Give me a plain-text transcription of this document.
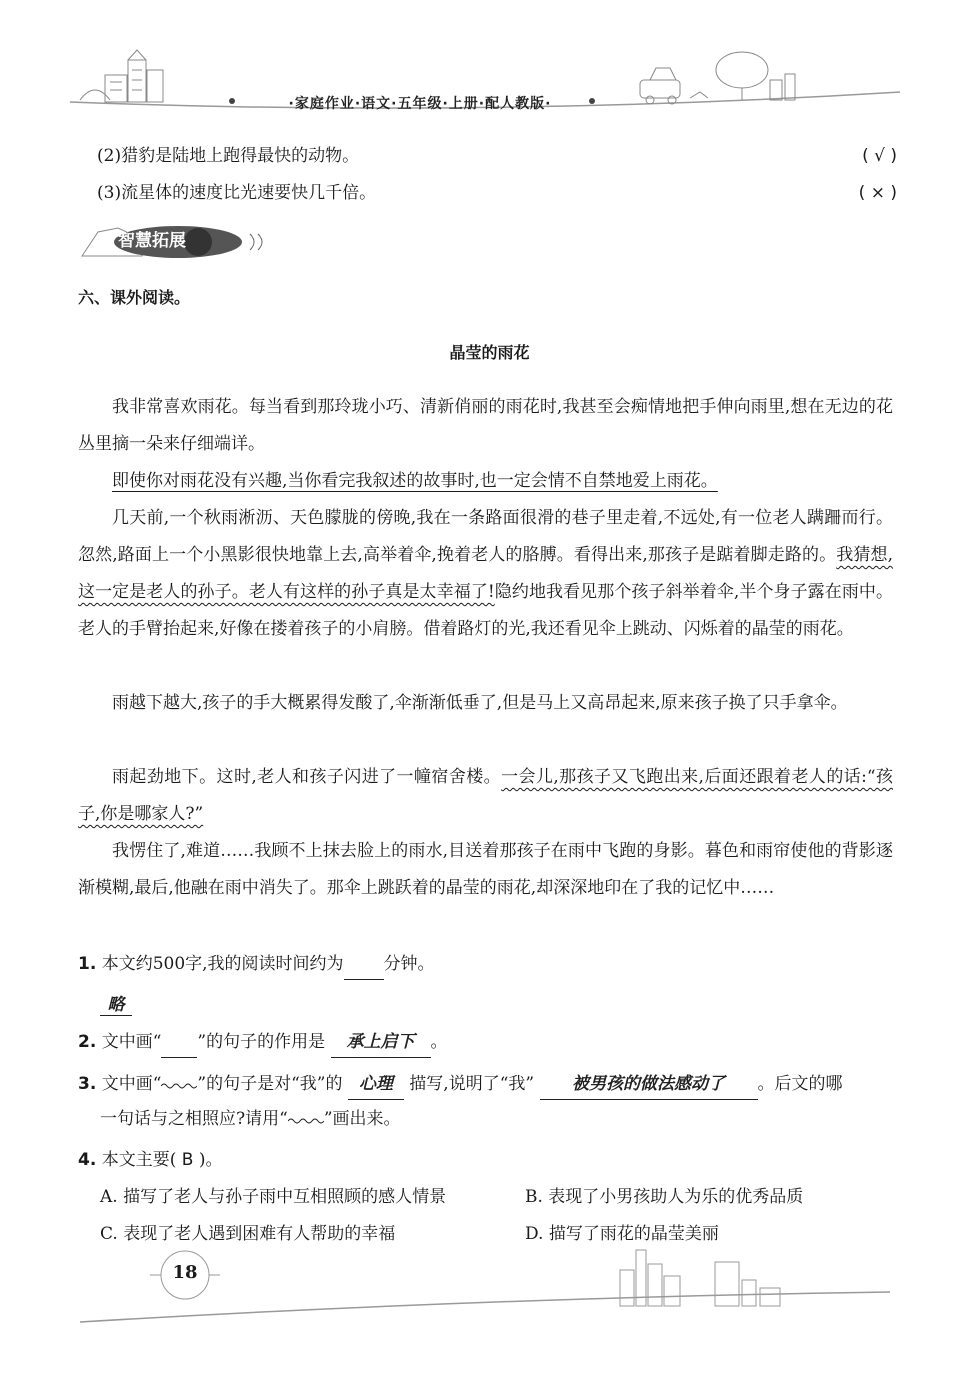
·家庭作业·语文·五年级·上册·配人教版·
(2)猎豹是陆地上跑得最快的动物。	( √ )
(3)流星体的速度比光速要快几千倍。	( × )
智慧拓展
六、课外阅读。
晶莹的雨花
我非常喜欢雨花。每当看到那玲珑小巧、清新俏丽的雨花时,我甚至会痴情地把手伸向雨里,想在无边的花丛里摘一朵来仔细端详。
即使你对雨花没有兴趣,当你看完我叙述的故事时,也一定会情不自禁地爱上雨花。
几天前,一个秋雨淅沥、天色朦胧的傍晚,我在一条路面很滑的巷子里走着,不远处,有一位老人蹒跚而行。忽然,路面上一个小黑影很快地靠上去,高举着伞,挽着老人的胳膊。看得出来,那孩子是踮着脚走路的。我猜想,这一定是老人的孙子。老人有这样的孙子真是太幸福了!隐约地我看见那个孩子斜举着伞,半个身子露在雨中。老人的手臂抬起来,好像在搂着孩子的小肩膀。借着路灯的光,我还看见伞上跳动、闪烁着的晶莹的雨花。
雨越下越大,孩子的手大概累得发酸了,伞渐渐低垂了,但是马上又高昂起来,原来孩子换了只手拿伞。
雨起劲地下。这时,老人和孩子闪进了一幢宿舍楼。一会儿,那孩子又飞跑出来,后面还跟着老人的话:“孩子,你是哪家人?”
我愣住了,难道……我顾不上抹去脸上的雨水,目送着那孩子在雨中飞跑的身影。暮色和雨帘使他的背影逐渐模糊,最后,他融在雨中消失了。那伞上跳跃着的晶莹的雨花,却深深地印在了我的记忆中……
1. 本文约500字,我的阅读时间约为 分钟。
略
2. 文中画“ ”的句子的作用是 承上启下 。
3. 文中画“ ”的句子是对“我”的 心理 描写,说明了“我” 被男孩的做法感动了 。后文的哪
一句话与之相照应?请用“ ”画出来。
4. 本文主要( B )。
A. 描写了老人与孙子雨中互相照顾的感人情景	B. 表现了小男孩助人为乐的优秀品质
C. 表现了老人遇到困难有人帮助的幸福	D. 描写了雨花的晶莹美丽
18
